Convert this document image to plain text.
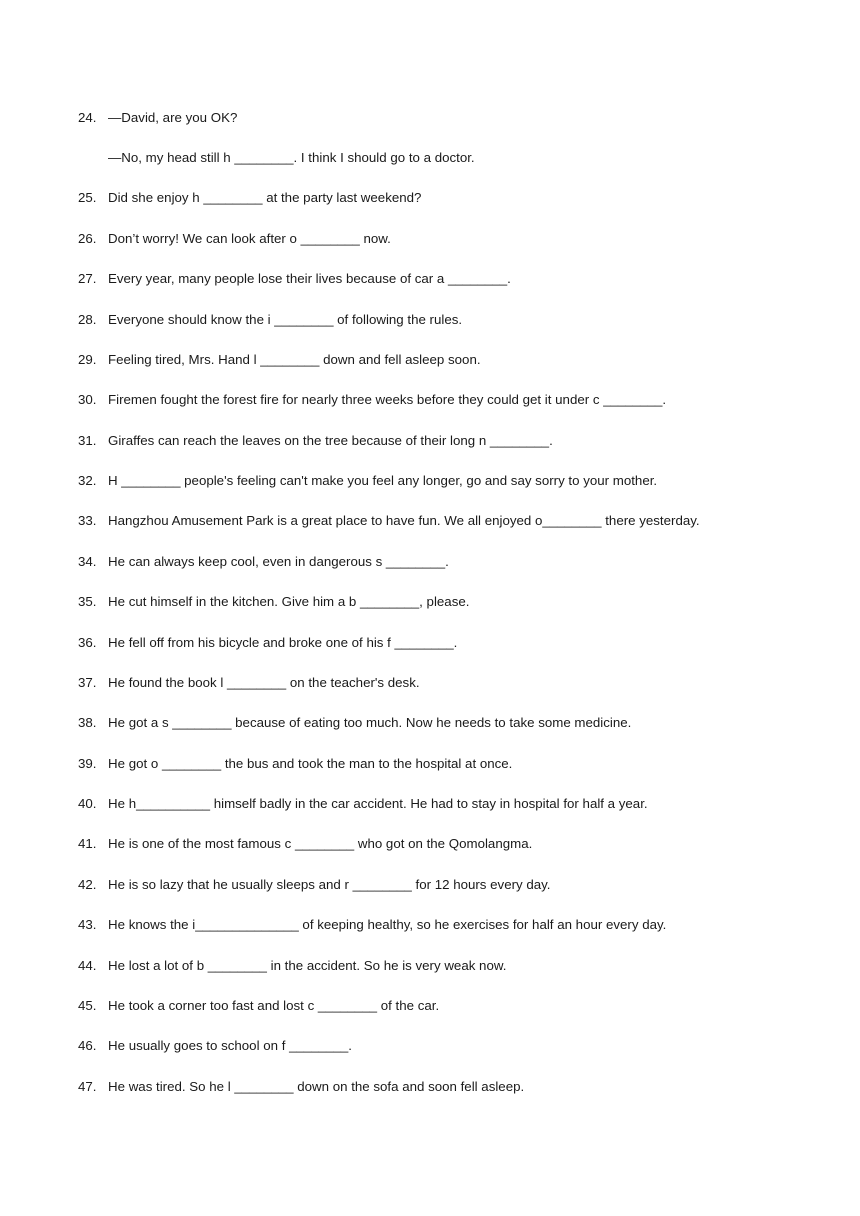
24. —David, are you OK?
—No, my head still h ________. I think I should go to a doctor.
25. Did she enjoy h ________ at the party last weekend?
26. Don’t worry! We can look after o ________ now.
27. Every year, many people lose their lives because of car a ________.
28. Everyone should know the i ________ of following the rules.
29. Feeling tired, Mrs. Hand l ________ down and fell asleep soon.
30. Firemen fought the forest fire for nearly three weeks before they could get it under c ________.
31. Giraffes can reach the leaves on the tree because of their long n ________.
32. H ________ people's feeling can't make you feel any longer, go and say sorry to your mother.
33. Hangzhou Amusement Park is a great place to have fun. We all enjoyed o________ there yesterday.
34. He can always keep cool, even in dangerous s ________.
35. He cut himself in the kitchen. Give him a b ________, please.
36. He fell off from his bicycle and broke one of his f ________.
37. He found the book l ________ on the teacher's desk.
38. He got a s ________ because of eating too much. Now he needs to take some medicine.
39. He got o ________ the bus and took the man to the hospital at once.
40. He h__________ himself badly in the car accident. He had to stay in hospital for half a year.
41. He is one of the most famous c ________ who got on the Qomolangma.
42. He is so lazy that he usually sleeps and r ________ for 12 hours every day.
43. He knows the i______________ of keeping healthy, so he exercises for half an hour every day.
44. He lost a lot of b ________ in the accident. So he is very weak now.
45. He took a corner too fast and lost c ________ of the car.
46. He usually goes to school on f ________.
47. He was tired. So he l ________ down on the sofa and soon fell asleep.
